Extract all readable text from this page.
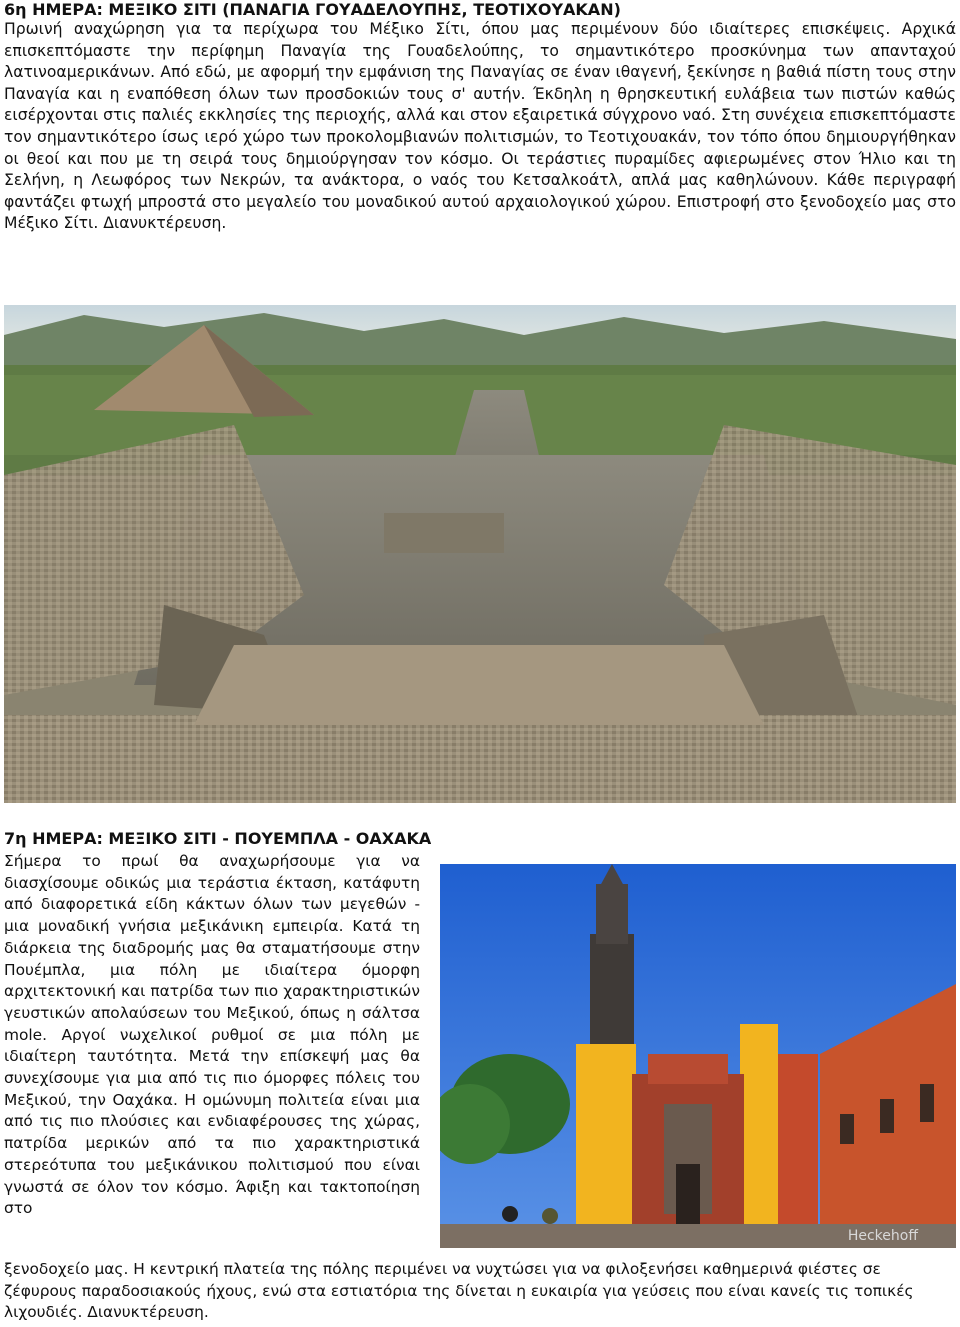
6η ΗΜΕΡΑ: ΜΕΞΙΚΟ ΣΙΤΙ (ΠΑΝΑΓΙΑ ΓΟΥΑΔΕΛΟΥΠΗΣ, ΤΕΟΤΙΧΟΥΑΚΑΝ)

Πρωινή αναχώρηση για τα περίχωρα του Μέξικο Σίτι, όπου μας περιμένουν δύο ιδιαίτερες επισκέψεις. Αρχικά επισκεπτόμαστε την περίφημη Παναγία της Γουαδελούπης, το σημαντικότερο προσκύνημα των απανταχού λατινοαμερικάνων. Από εδώ, με αφορμή την εμφάνιση της Παναγίας σε έναν ιθαγενή, ξεκίνησε η βαθιά πίστη τους στην Παναγία και η εναπόθεση όλων των προσδοκιών τους σ' αυτήν. Έκδηλη η θρησκευτική ευλάβεια των πιστών καθώς εισέρχονται στις παλιές εκκλησίες της περιοχής, αλλά και στον εξαιρετικά σύγχρονο ναό. Στη συνέχεια επισκεπτόμαστε τον σημαντικότερο ίσως ιερό χώρο των προκολομβιανών πολιτισμών, το Τεοτιχουακάν, τον τόπο όπου δημιουργήθηκαν οι θεοί και που με τη σειρά τους δημιούργησαν τον κόσμο. Οι τεράστιες πυραμίδες αφιερωμένες στον Ήλιο και τη Σελήνη, η Λεωφόρος των Νεκρών, τα ανάκτορα, ο ναός του Κετσαλκοάτλ, απλά μας καθηλώνουν. Κάθε περιγραφή φαντάζει φτωχή μπροστά στο μεγαλείο του μοναδικού αυτού αρχαιολογικού χώρου. Επιστροφή στο ξενοδοχείο μας στο Μέξικο Σίτι. Διανυκτέρευση.

7η ΗΜΕΡΑ: ΜΕΞΙΚΟ ΣΙΤΙ - ΠΟΥΕΜΠΛΑ - ΟΑΧΑΚΑ

Σήμερα το πρωί θα αναχωρήσουμε για να διασχίσουμε οδικώς μια τεράστια έκταση, κατάφυτη από διαφορετικά είδη κάκτων όλων των μεγεθών - μια μοναδική γνήσια μεξικάνικη εμπειρία. Κατά τη διάρκεια της διαδρομής μας θα σταματήσουμε στην Πουέμπλα, μια πόλη με ιδιαίτερα όμορφη αρχιτεκτονική και πατρίδα των πιο χαρακτηριστικών γευστικών απολαύσεων του Μεξικού, όπως η σάλτσα mole. Αργοί νωχελικοί ρυθμοί σε μια πόλη με ιδιαίτερη ταυτότητα. Μετά την επίσκεψή μας θα συνεχίσουμε για μια από τις πιο όμορφες πόλεις του Μεξικού, την Οαχάκα. Η ομώνυμη πολιτεία είναι μια από τις πιο πλούσιες και ενδιαφέρουσες της χώρας, πατρίδα μερικών από τα πιο χαρακτηριστικά στερεότυπα του μεξικάνικου πολιτισμού που είναι γνωστά σε όλον τον κόσμο. Άφιξη και τακτοποίηση στο

Heckehoff

ξενοδοχείο μας. Η κεντρική πλατεία της πόλης περιμένει να νυχτώσει για να φιλοξενήσει καθημερινά φιέστες σε ζέφυρους παραδοσιακούς ήχους, ενώ στα εστιατόρια της δίνεται η ευκαιρία για γεύσεις που είναι κανείς τις τοπικές λιχουδιές. Διανυκτέρευση.
